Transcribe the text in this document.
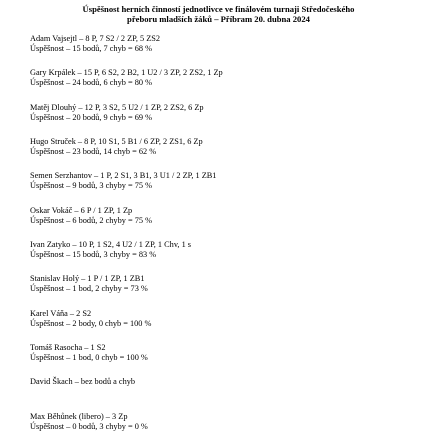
Úspěšnost herních činností jednotlivce ve finálovém turnaji Středočeského
přeboru mladších žáků – Příbram 20. dubna 2024
Adam Vajsejtl – 8 P, 7 S2 / 2 ZP, 5 ZS2
Úspěšnost – 15 bodů, 7 chyb = 68 %
Gary Krpálek – 15 P, 6 S2, 2 B2, 1 U2 / 3 ZP, 2 ZS2, 1 Zp
Úspěšnost – 24 bodů, 6 chyb = 80 %
Matěj Dlouhý – 12 P, 3 S2, 5 U2 / 1 ZP, 2 ZS2, 6 Zp
Úspěšnost – 20 bodů, 9 chyb = 69 %
Hugo Struček – 8 P, 10 S1, 5 B1 / 6 ZP, 2 ZS1, 6 Zp
Úspěšnost – 23 bodů, 14 chyb = 62 %
Semen Serzhantov – 1 P, 2 S1, 3 B1, 3 U1 / 2 ZP, 1 ZB1
Úspěšnost – 9 bodů, 3 chyby = 75 %
Oskar Vokáč – 6 P / 1 ZP, 1 Zp
Úspěšnost – 6 bodů, 2 chyby = 75 %
Ivan Zatyko – 10 P, 1 S2, 4 U2 / 1 ZP, 1 Chv, 1 s
Úspěšnost – 15 bodů, 3 chyby = 83 %
Stanislav Holý – 1 P / 1 ZP, 1 ZB1
Úspěšnost – 1 bod, 2 chyby = 73 %
Karel Váňa – 2 S2
Úspěšnost – 2 body, 0 chyb = 100 %
Tomáš Rasocha – 1 S2
Úspěšnost – 1 bod, 0 chyb = 100 %
David Škach – bez bodů a chyb
Max Běhůnek (libero) – 3 Zp
Úspěšnost – 0 bodů, 3 chyby = 0 %
